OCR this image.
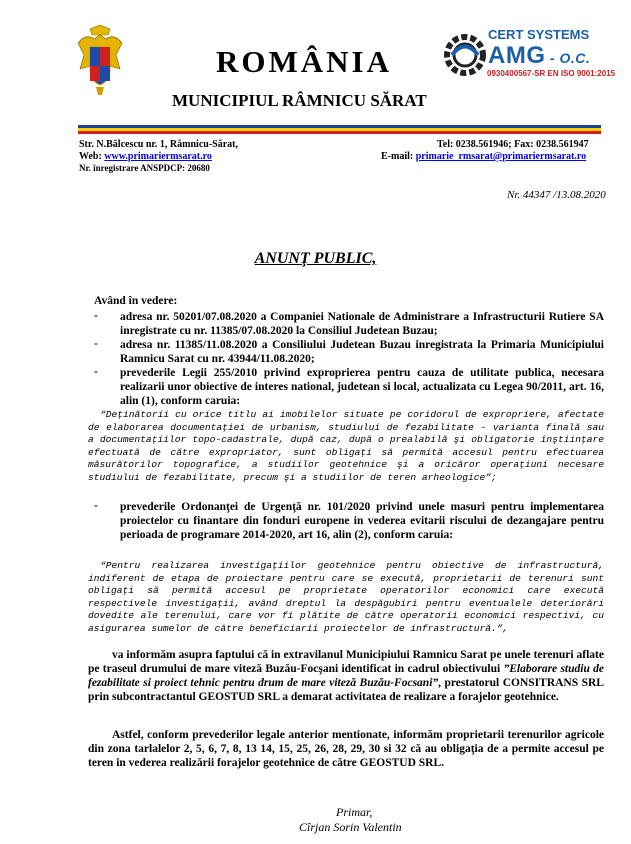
ROMÂNIA
MUNICIPIUL RÂMNICU SĂRAT
CERT SYSTEMS
AMG - O.C.
0930400567-SR EN ISO 9001:2015
Str. N.Bălcescu nr. 1, Râmnicu-Sărat,
Web: www.primariermsarat.ro
Nr. înregistrare ANSPDCP: 20680
Tel: 0238.561946; Fax: 0238.561947
E-mail: primarie_rmsarat@primariermsarat.ro
Nr. 44347 /13.08.2020
ANUNŢ PUBLIC,
Având în vedere:
- adresa nr. 50201/07.08.2020 a Companiei Nationale de Administrare a Infrastructurii Rutiere SA inregistrate cu nr. 11385/07.08.2020 la Consiliul Judetean Buzau;
- adresa nr. 11385/11.08.2020 a Consiliului Judetean Buzau inregistrata la Primaria Municipiului Ramnicu Sarat cu nr. 43944/11.08.2020;
- prevederile Legii 255/2010 privind exproprierea pentru cauza de utilitate publica, necesara realizarii unor obiective de interes national, judetean si local, actualizata cu Legea 90/2011, art. 16, alin (1), conform caruia:
“Deţinătorii cu orice titlu ai imobilelor situate pe coridorul de expropriere, afectate de elaborarea documentaţiei de urbanism, studiului de fezabilitate - varianta finală sau a documentaţiilor topo-cadastrale, după caz, după o prealabilă şi obligatorie înştiinţare efectuată de către expropriator, sunt obligaţi să permită accesul pentru efectuarea măsurătorilor topografice, a studiilor geotehnice şi a oricăror operaţiuni necesare studiului de fezabilitate, precum şi a studiilor de teren arheologice”;
- prevederile Ordonanţei de Urgenţă nr. 101/2020 privind unele masuri pentru implementarea proiectelor cu finantare din fonduri europene in vederea evitarii riscului de dezangajare pentru perioada de programare 2014-2020, art 16, alin (2), conform caruia:
“Pentru realizarea investigaţiilor geotehnice pentru obiective de infrastructură, indiferent de etapa de proiectare pentru care se execută, proprietarii de terenuri sunt obligaţi să permită accesul pe proprietate operatorilor economici care execută respectivele investigaţii, având dreptul la despăgubiri pentru eventualele deteriorări dovedite ale terenului, care vor fi plătite de către operatorii economici respectivi, cu asigurarea sumelor de către beneficiarii proiectelor de infrastructură.”,
va informăm asupra faptului că in extravilanul Municipiului Ramnicu Sarat pe unele terenuri aflate pe traseul drumului de mare viteză Buzău-Focşani identificat in cadrul obiectivului ”Elaborare studiu de fezabilitate si proiect tehnic pentru drum de mare viteză Buzău-Focsani”, prestatorul CONSITRANS SRL prin subcontractantul GEOSTUD SRL a demarat activitatea de realizare a forajelor geotehnice.
Astfel, conform prevederilor legale anterior mentionate, informăm proprietarii terenurilor agricole din zona tarlalelor 2, 5, 6, 7, 8, 13 14, 15, 25, 26, 28, 29, 30 si 32 că au obligaţia de a permite accesul pe teren in vederea realizării forajelor geotehnice de către GEOSTUD SRL.
Primar,
Cîrjan Sorin Valentin
